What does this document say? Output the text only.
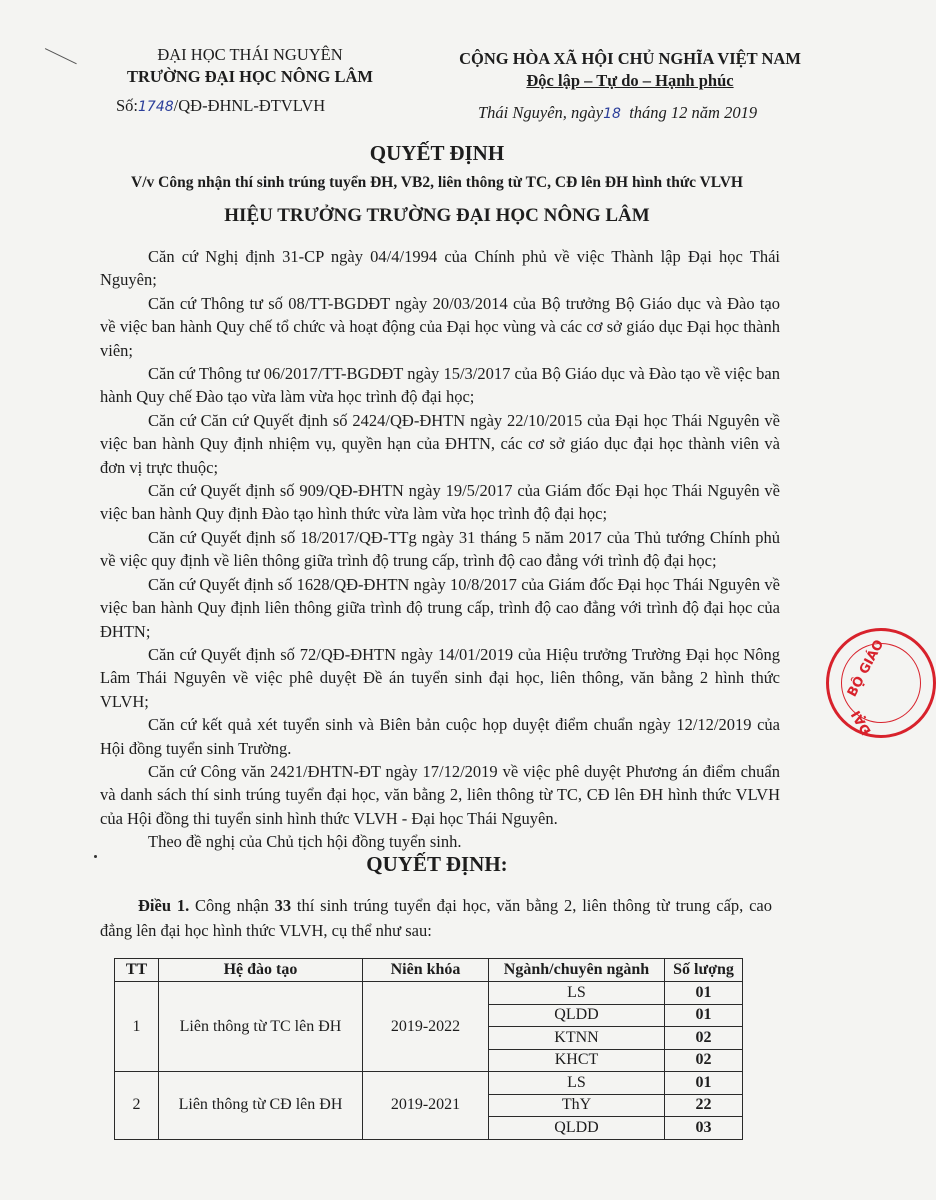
ĐẠI HỌC THÁI NGUYÊN
TRƯỜNG ĐẠI HỌC NÔNG LÂM
Số:1748/QĐ-ĐHNL-ĐTVLVH
CỘNG HÒA XÃ HỘI CHỦ NGHĨA VIỆT NAM
Độc lập – Tự do – Hạnh phúc
Thái Nguyên, ngày18 tháng 12 năm 2019
QUYẾT ĐỊNH
V/v Công nhận thí sinh trúng tuyển ĐH, VB2, liên thông từ TC, CĐ lên ĐH hình thức VLVH
HIỆU TRƯỞNG TRƯỜNG ĐẠI HỌC NÔNG LÂM

Căn cứ Nghị định 31-CP ngày 04/4/1994 của Chính phủ về việc Thành lập Đại học Thái Nguyên;

Căn cứ Thông tư số 08/TT-BGDĐT ngày 20/03/2014 của Bộ trưởng Bộ Giáo dục và Đào tạo về việc ban hành Quy chế tổ chức và hoạt động của Đại học vùng và các cơ sở giáo dục Đại học thành viên;

Căn cứ Thông tư 06/2017/TT-BGDĐT ngày 15/3/2017 của Bộ Giáo dục và Đào tạo về việc ban hành Quy chế Đào tạo vừa làm vừa học trình độ đại học;

Căn cứ Căn cứ Quyết định số 2424/QĐ-ĐHTN ngày 22/10/2015 của Đại học Thái Nguyên về việc ban hành Quy định nhiệm vụ, quyền hạn của ĐHTN, các cơ sở giáo dục đại học thành viên và đơn vị trực thuộc;

Căn cứ Quyết định số 909/QĐ-ĐHTN ngày 19/5/2017 của Giám đốc Đại học Thái Nguyên về việc ban hành Quy định Đào tạo hình thức vừa làm vừa học trình độ đại học;

Căn cứ Quyết định số 18/2017/QĐ-TTg ngày 31 tháng 5 năm 2017 của Thủ tướng Chính phủ về việc quy định về liên thông giữa trình độ trung cấp, trình độ cao đẳng với trình độ đại học;

Căn cứ Quyết định số 1628/QĐ-ĐHTN ngày 10/8/2017 của Giám đốc Đại học Thái Nguyên về việc ban hành Quy định liên thông giữa trình độ trung cấp, trình độ cao đẳng với trình độ đại học của ĐHTN;

Căn cứ Quyết định số 72/QĐ-ĐHTN ngày 14/01/2019 của Hiệu trưởng Trường Đại học Nông Lâm Thái Nguyên về việc phê duyệt Đề án tuyển sinh đại học, liên thông, văn bằng 2 hình thức VLVH;

Căn cứ kết quả xét tuyển sinh và Biên bản cuộc họp duyệt điểm chuẩn ngày 12/12/2019 của Hội đồng tuyển sinh Trường.

Căn cứ Công văn 2421/ĐHTN-ĐT ngày 17/12/2019 về việc phê duyệt Phương án điểm chuẩn và danh sách thí sinh trúng tuyển đại học, văn bằng 2, liên thông từ TC, CĐ lên ĐH hình thức VLVH của Hội đồng thi tuyển sinh hình thức VLVH - Đại học Thái Nguyên.

Theo đề nghị của Chủ tịch hội đồng tuyển sinh.

QUYẾT ĐỊNH:
Điều 1. Công nhận 33 thí sinh trúng tuyển đại học, văn bằng 2, liên thông từ trung cấp, cao đẳng lên đại học hình thức VLVH, cụ thể như sau:
TT	Hệ đào tạo	Niên khóa	Ngành/chuyên ngành	Số lượng
1	Liên thông từ TC lên ĐH	2019-2022	LS	01
			QLDD	01
			KTNN	02
			KHCT	02
2	Liên thông từ CĐ lên ĐH	2019-2021	LS	01
			ThY	22
			QLDD	03
BỘ GIÁO
ĐẠI
